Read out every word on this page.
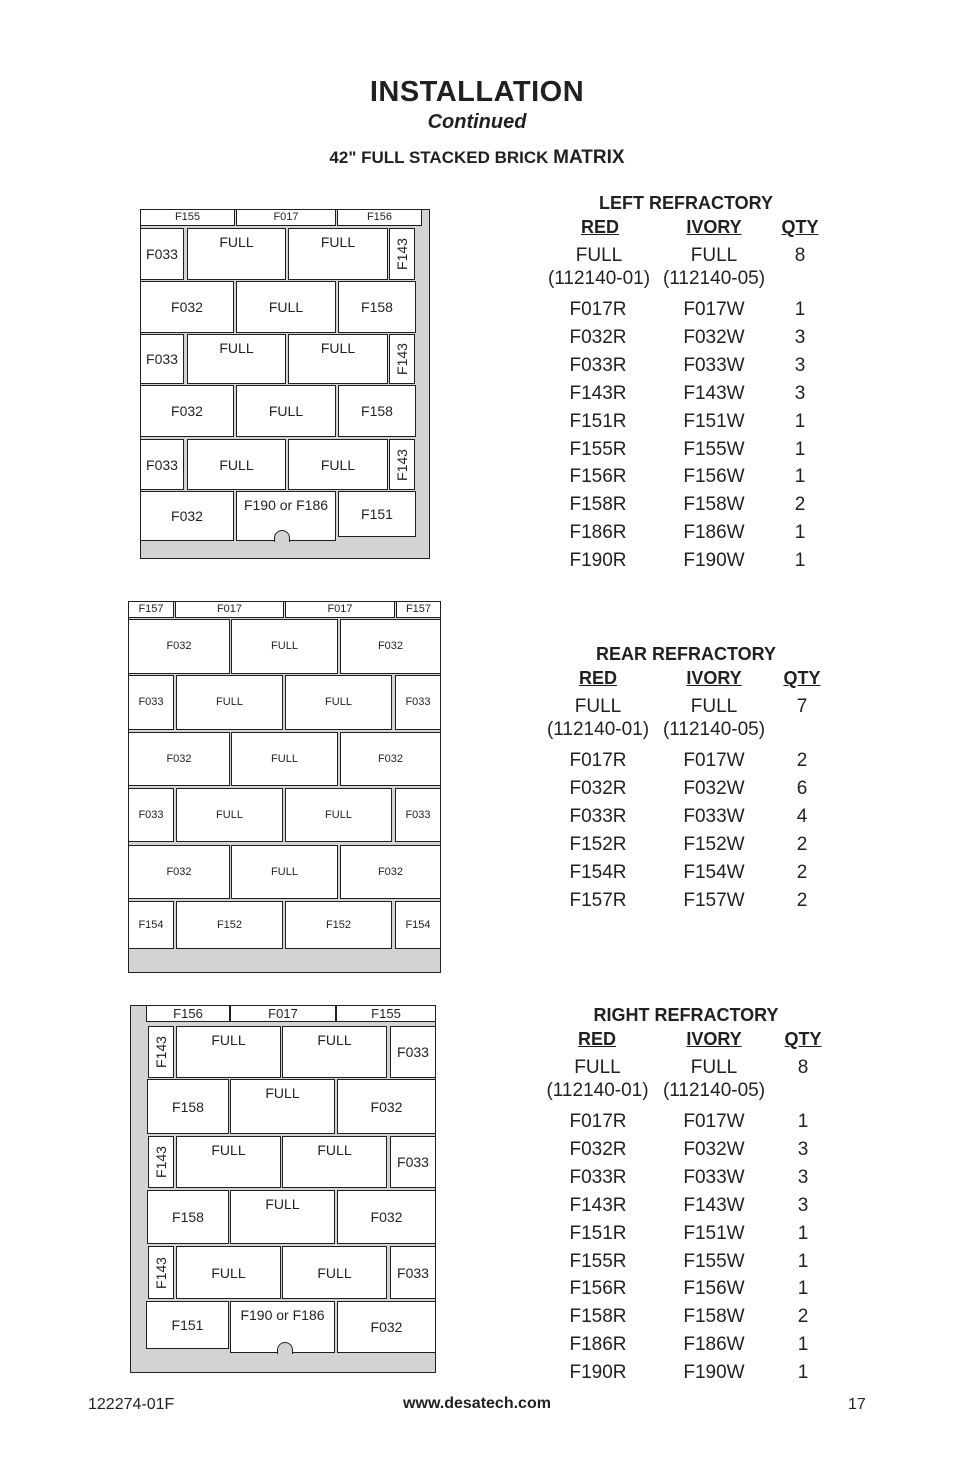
INSTALLATION
Continued
42" FULL STACKED BRICK MATRIX
F155	F017	F156
F033
FULL	FULL	F143
F032	FULL	F158
F033
FULL	FULL	F143
F032	FULL	F158
F033	FULL	FULL	F143
F032
F190 or F186
F151
F157	F017	F017	F157
F032	FULL	F032
F033	FULL	FULL	F033
F032	FULL	F032
F033	FULL	FULL	F033
F032	FULL	F032
F154	F152	F152	F154
F156	F017	F155
F143	FULL	FULL
F033
F158
FULL
F032
F143	FULL	FULL
F033
F158
FULL
F032
F143	FULL	FULL	F033
F151
F190 or F186
F032
LEFT REFRACTORY
RED	IVORY	QTY
FULL	FULL	8
(112140-01) (112140-05)
F017R	F017W	1
F032R	F032W	3
F033R	F033W	3
F143R	F143W	3
F151R	F151W	1
F155R	F155W	1
F156R	F156W	1
F158R	F158W	2
F186R	F186W	1
F190R	F190W	1
REAR REFRACTORY
RED	IVORY	QTY
FULL	FULL	7
(112140-01) (112140-05)
F017R	F017W	2
F032R	F032W	6
F033R	F033W	4
F152R	F152W	2
F154R	F154W	2
F157R	F157W	2
RIGHT REFRACTORY
RED	IVORY	QTY
FULL	FULL	8
(112140-01) (112140-05)
F017R	F017W	1
F032R	F032W	3
F033R	F033W	3
F143R	F143W	3
F151R	F151W	1
F155R	F155W	1
F156R	F156W	1
F158R	F158W	2
F186R	F186W	1
F190R	F190W	1
122274-01F	www.desatech.com	17
